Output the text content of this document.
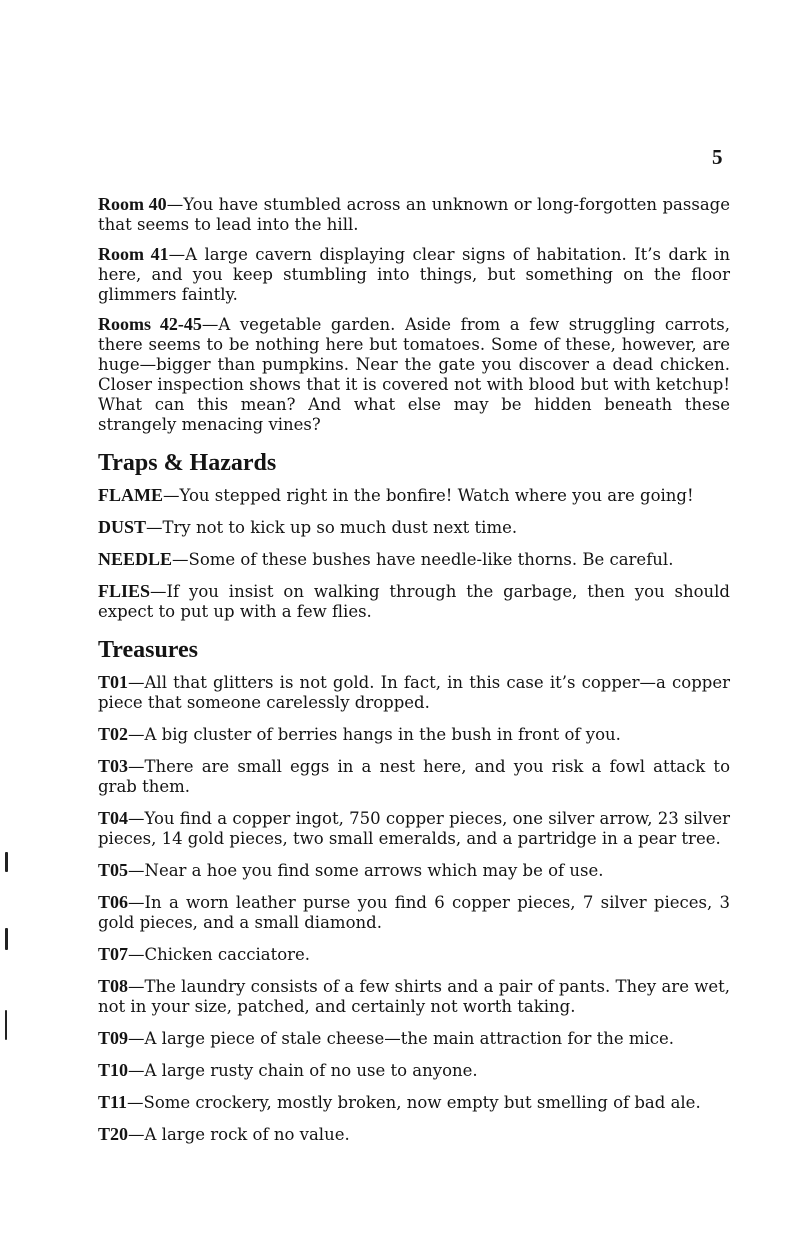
5

Room 40—You have stumbled across an unknown or long-forgotten passage that seems to lead into the hill.

Room 41—A large cavern displaying clear signs of habitation. It’s dark in here, and you keep stumbling into things, but something on the floor glimmers faintly.

Rooms 42-45—A vegetable garden. Aside from a few struggling carrots, there seems to be nothing here but tomatoes. Some of these, however, are huge—bigger than pumpkins. Near the gate you discover a dead chicken. Closer inspection shows that it is covered not with blood but with ketchup! What can this mean? And what else may be hidden beneath these strangely menacing vines?

Traps & Hazards

FLAME—You stepped right in the bonfire! Watch where you are going!

DUST—Try not to kick up so much dust next time.

NEEDLE—Some of these bushes have needle-like thorns. Be careful.

FLIES—If you insist on walking through the garbage, then you should expect to put up with a few flies.

Treasures

T01—All that glitters is not gold. In fact, in this case it’s copper—a copper piece that someone carelessly dropped.

T02—A big cluster of berries hangs in the bush in front of you.

T03—There are small eggs in a nest here, and you risk a fowl attack to grab them.

T04—You find a copper ingot, 750 copper pieces, one silver arrow, 23 silver pieces, 14 gold pieces, two small emeralds, and a partridge in a pear tree.

T05—Near a hoe you find some arrows which may be of use.

T06—In a worn leather purse you find 6 copper pieces, 7 silver pieces, 3 gold pieces, and a small diamond.

T07—Chicken cacciatore.

T08—The laundry consists of a few shirts and a pair of pants. They are wet, not in your size, patched, and certainly not worth taking.

T09—A large piece of stale cheese—the main attraction for the mice.

T10—A large rusty chain of no use to anyone.

T11—Some crockery, mostly broken, now empty but smelling of bad ale.

T20—A large rock of no value.
